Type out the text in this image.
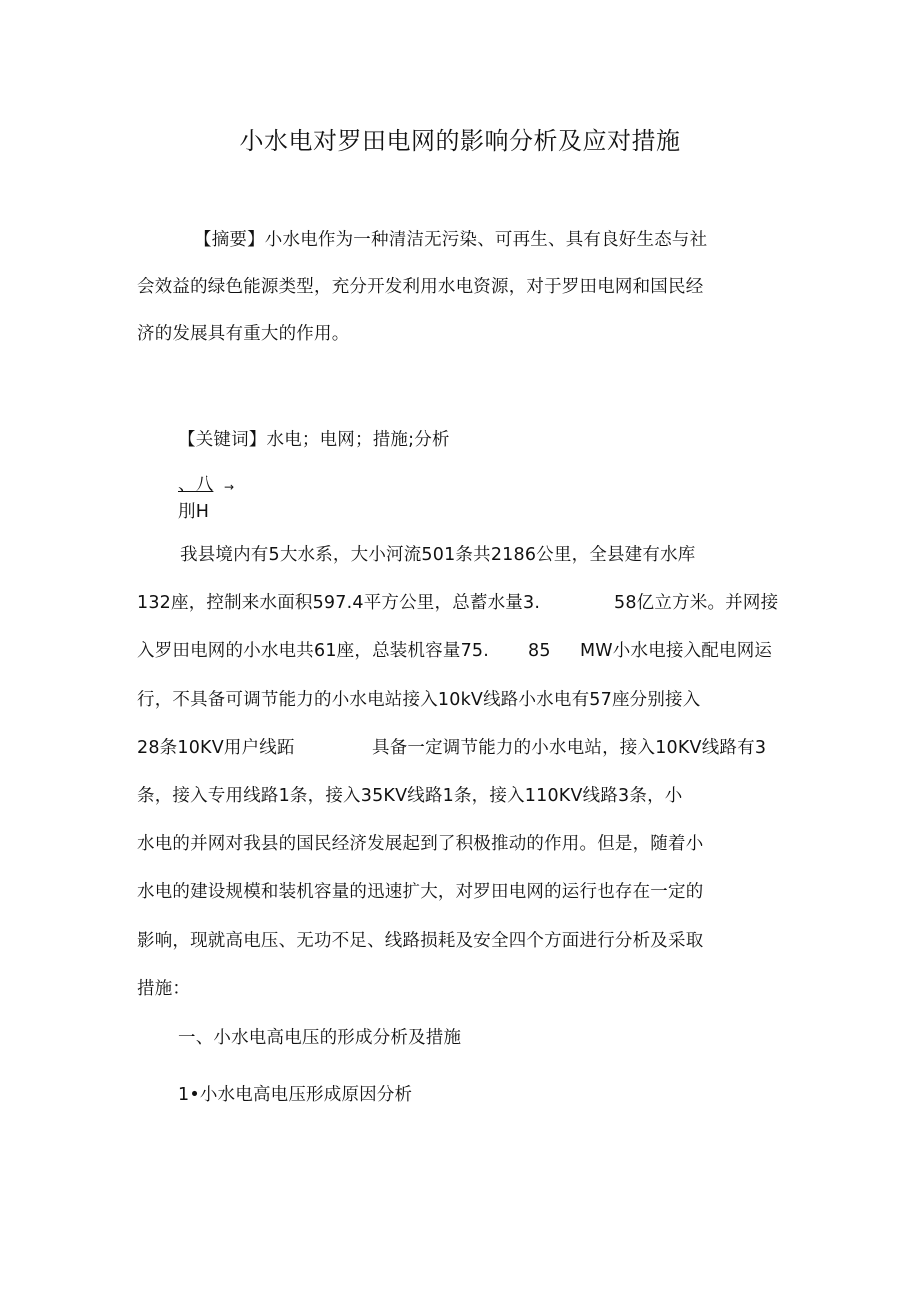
小水电对罗田电网的影响分析及应对措施
【摘要】小水电作为一种清洁无污染、可再生、具有良好生态与社
会效益的绿色能源类型，充分开发利用水电资源，对于罗田电网和国民经
济的发展具有重大的作用。
【关键词】水电；电网；措施;分析
、八 →
刖H
我县境内有5大水系，大小河流501条共2186公里，全县建有水库
132座，控制来水面积597.4平方公里，总蓄水量3.	58亿立方米。并网接
入罗田电网的小水电共61座，总装机容量75. 85 MW小水电接入配电网运
行，不具备可调节能力的小水电站接入10kV线路小水电有57座分别接入
28条10KV用户线跖	具备一定调节能力的小水电站，接入10KV线路有3
条，接入专用线路1条，接入35KV线路1条，接入110KV线路3条，小
水电的并网对我县的国民经济发展起到了积极推动的作用。但是，随着小
水电的建设规模和装机容量的迅速扩大，对罗田电网的运行也存在一定的
影响，现就高电压、无功不足、线路损耗及安全四个方面进行分析及采取
措施：
一、小水电高电压的形成分析及措施
1•小水电高电压形成原因分析
